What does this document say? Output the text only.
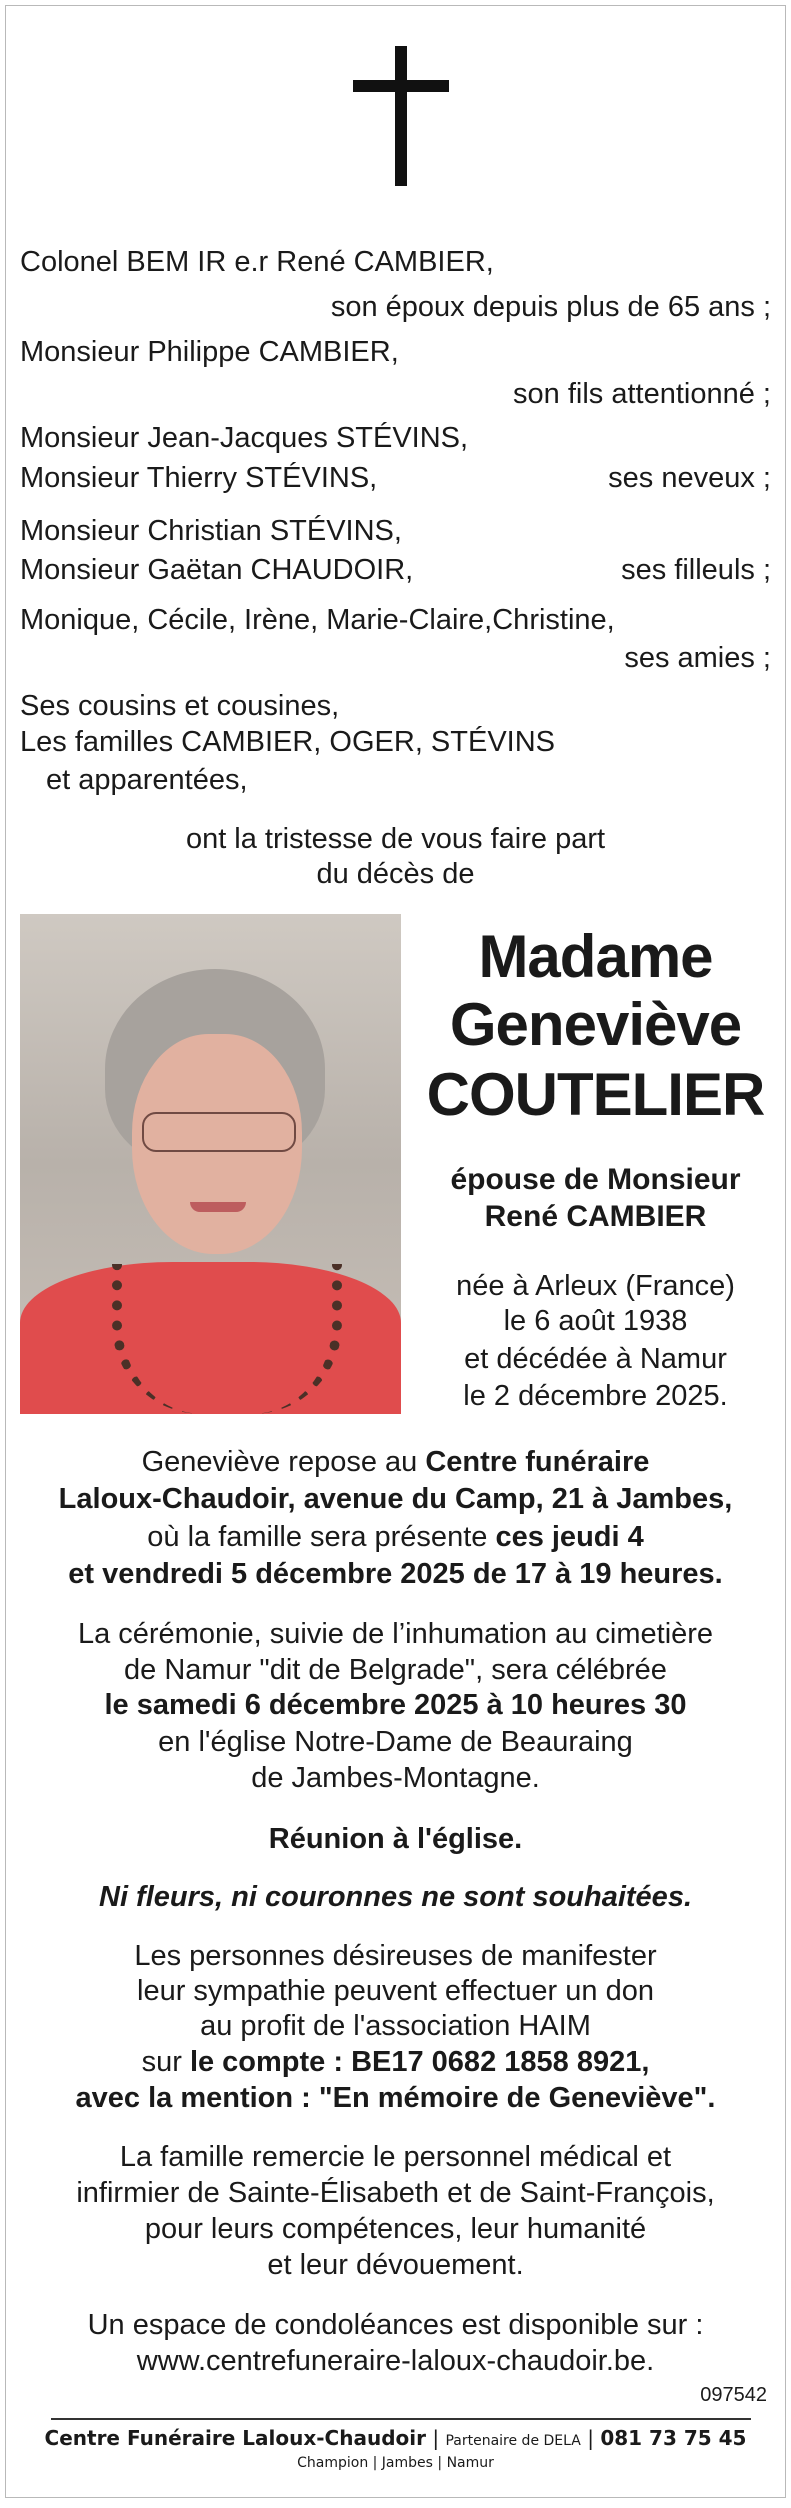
Colonel BEM IR e.r René CAMBIER,
son époux depuis plus de 65 ans ;
Monsieur Philippe CAMBIER,
son fils attentionné ;
Monsieur Jean-Jacques STÉVINS,
Monsieur Thierry STÉVINS,	ses neveux ;
Monsieur Christian STÉVINS,
Monsieur Gaëtan CHAUDOIR,	ses filleuls ;
Monique, Cécile, Irène, Marie-Claire,Christine,
ses amies ;
Ses cousins et cousines,
Les familles CAMBIER, OGER, STÉVINS
et apparentées,
ont la tristesse de vous faire part
du décès de
Madame
Geneviève
COUTELIER
épouse de Monsieur
René CAMBIER
née à Arleux (France)
le 6 août 1938
et décédée à Namur
le 2 décembre 2025.
Geneviève repose au Centre funéraire
Laloux-Chaudoir, avenue du Camp, 21 à Jambes,
où la famille sera présente ces jeudi 4
et vendredi 5 décembre 2025 de 17 à 19 heures.
La cérémonie, suivie de l’inhumation au cimetière
de Namur "dit de Belgrade", sera célébrée
le samedi 6 décembre 2025 à 10 heures 30
en l'église Notre-Dame de Beauraing
de Jambes-Montagne.
Réunion à l'église.
Ni fleurs, ni couronnes ne sont souhaitées.
Les personnes désireuses de manifester
leur sympathie peuvent effectuer un don
au profit de l'association HAIM
sur le compte : BE17 0682 1858 8921,
avec la mention : "En mémoire de Geneviève".
La famille remercie le personnel médical et
infirmier de Sainte-Élisabeth et de Saint-François,
pour leurs compétences, leur humanité
et leur dévouement.
Un espace de condoléances est disponible sur :
www.centrefuneraire-laloux-chaudoir.be.
097542
Centre Funéraire Laloux-Chaudoir | Partenaire de DELA | 081 73 75 45
Champion | Jambes | Namur
